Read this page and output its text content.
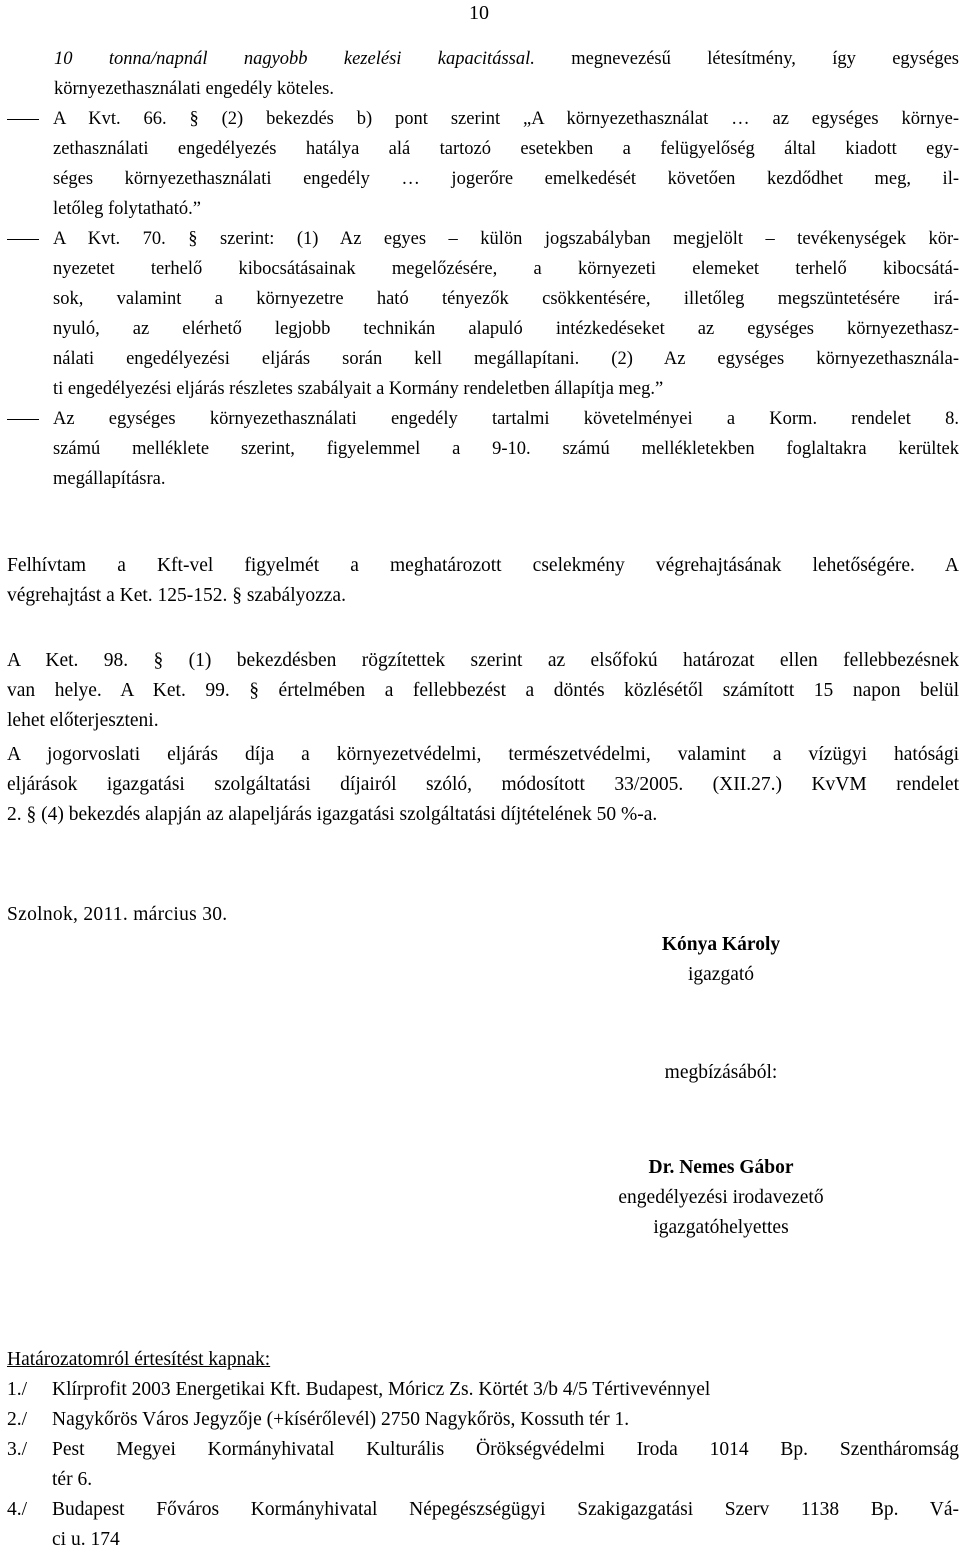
10
10 tonna/napnál nagyobb kezelési kapacitással. megnevezésű létesítmény, így egységes
környezethasználati engedély köteles.
A Kvt. 66. § (2) bekezdés b) pont szerint „A környezethasználat … az egységes környe-
zethasználati engedélyezés hatálya alá tartozó esetekben a felügyelőség által kiadott egy-
séges környezethasználati engedély … jogerőre emelkedését követően kezdődhet meg, il-
letőleg folytatható.”
A Kvt. 70. § szerint: (1) Az egyes – külön jogszabályban megjelölt – tevékenységek kör-
nyezetet terhelő kibocsátásainak megelőzésére, a környezeti elemeket terhelő kibocsátá-
sok, valamint a környezetre ható tényezők csökkentésére, illetőleg megszüntetésére irá-
nyuló, az elérhető legjobb technikán alapuló intézkedéseket az egységes környezethasz-
nálati engedélyezési eljárás során kell megállapítani. (2) Az egységes környezethasználа-
ti engedélyezési eljárás részletes szabályait a Kormány rendeletben állapítja meg.”
Az egységes környezethasználati engedély tartalmi követelményei a Korm. rendelet 8.
számú melléklete szerint, figyelemmel a 9-10. számú mellékletekben foglaltakra kerültek
megállapításra.
Felhívtam a Kft-vel figyelmét a meghatározott cselekmény végrehajtásának lehetőségére. A
végrehajtást a Ket. 125-152. § szabályozza.
A Ket. 98. § (1) bekezdésben rögzítettek szerint az elsőfokú határozat ellen fellebbezésnek
van helye. A Ket. 99. § értelmében a fellebbezést a döntés közlésétől számított 15 napon belül
lehet előterjeszteni.
A jogorvoslati eljárás díja a környezetvédelmi, természetvédelmi, valamint a vízügyi hatósági
eljárások igazgatási szolgáltatási díjairól szóló, módosított 33/2005. (XII.27.) KvVM rendelet
2. § (4) bekezdés alapján az alapeljárás igazgatási szolgáltatási díjtételének 50 %-a.
Szolnok, 2011. március 30.
Kónya Károly
igazgató
megbízásából:
Dr. Nemes Gábor
engedélyezési irodavezető
igazgatóhelyettes
Határozatomról értesítést kapnak:
1./ Klírprofit 2003 Energetikai Kft. Budapest, Móricz Zs. Körtét 3/b 4/5 Tértivevénnyel
2./ Nagykőrös Város Jegyzője (+kísérőlevél) 2750 Nagykőrös, Kossuth tér 1.
3./ Pest Megyei Kormányhivatal Kulturális Örökségvédelmi Iroda 1014 Bp. Szentháromság
tér 6.
4./ Budapest Főváros Kormányhivatal Népegészségügyi Szakigazgatási Szerv 1138 Bp. Vá-
ci u. 174
